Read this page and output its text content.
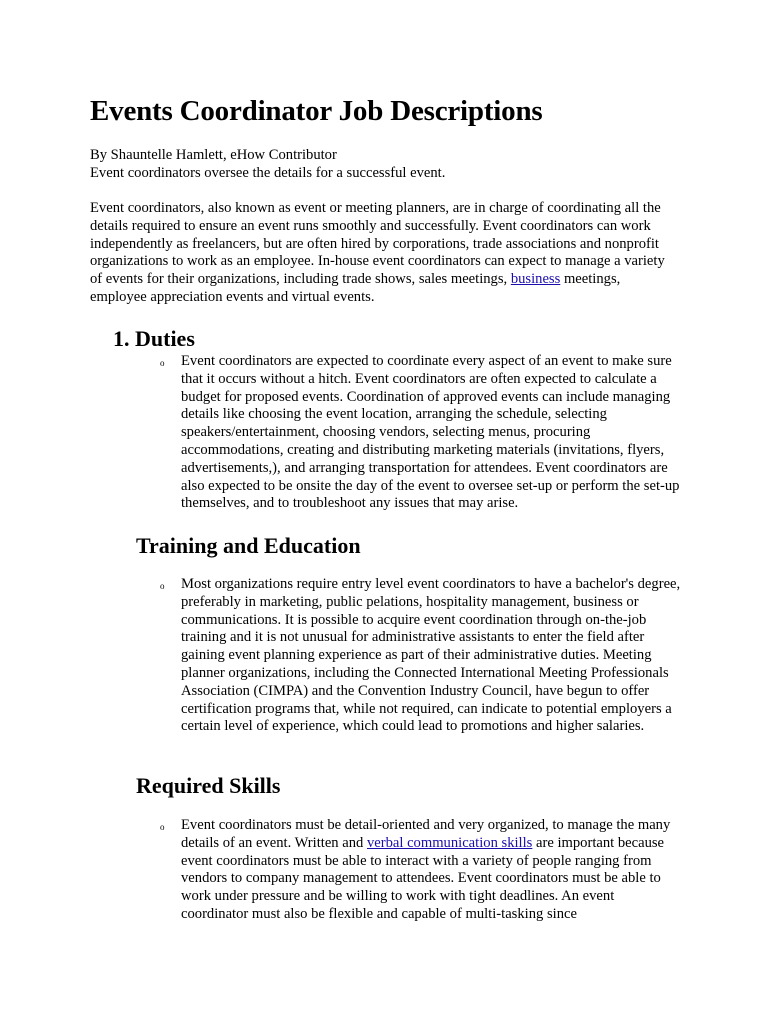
Events Coordinator Job Descriptions
By Shauntelle Hamlett, eHow Contributor
Event coordinators oversee the details for a successful event.

Event coordinators, also known as event or meeting planners, are in charge of coordinating all the details required to ensure an event runs smoothly and successfully. Event coordinators can work independently as freelancers, but are often hired by corporations, trade associations and nonprofit organizations to work as an employee. In-house event coordinators can expect to manage a variety of events for their organizations, including trade shows, sales meetings, business meetings, employee appreciation events and virtual events.

1. Duties
o Event coordinators are expected to coordinate every aspect of an event to make sure that it occurs without a hitch. Event coordinators are often expected to calculate a budget for proposed events. Coordination of approved events can include managing details like choosing the event location, arranging the schedule, selecting speakers/entertainment, choosing vendors, selecting menus, procuring accommodations, creating and distributing marketing materials (invitations, flyers, advertisements,), and arranging transportation for attendees. Event coordinators are also expected to be onsite the day of the event to oversee set-up or perform the set-up themselves, and to troubleshoot any issues that may arise.

Training and Education
o Most organizations require entry level event coordinators to have a bachelor's degree, preferably in marketing, public pelations, hospitality management, business or communications. It is possible to acquire event coordination through on-the-job training and it is not unusual for administrative assistants to enter the field after gaining event planning experience as part of their administrative duties. Meeting planner organizations, including the Connected International Meeting Professionals Association (CIMPA) and the Convention Industry Council, have begun to offer certification programs that, while not required, can indicate to potential employers a certain level of experience, which could lead to promotions and higher salaries.

Required Skills
o Event coordinators must be detail-oriented and very organized, to manage the many details of an event. Written and verbal communication skills are important because event coordinators must be able to interact with a variety of people ranging from vendors to company management to attendees. Event coordinators must be able to work under pressure and be willing to work with tight deadlines. An event coordinator must also be flexible and capable of multi-tasking since
